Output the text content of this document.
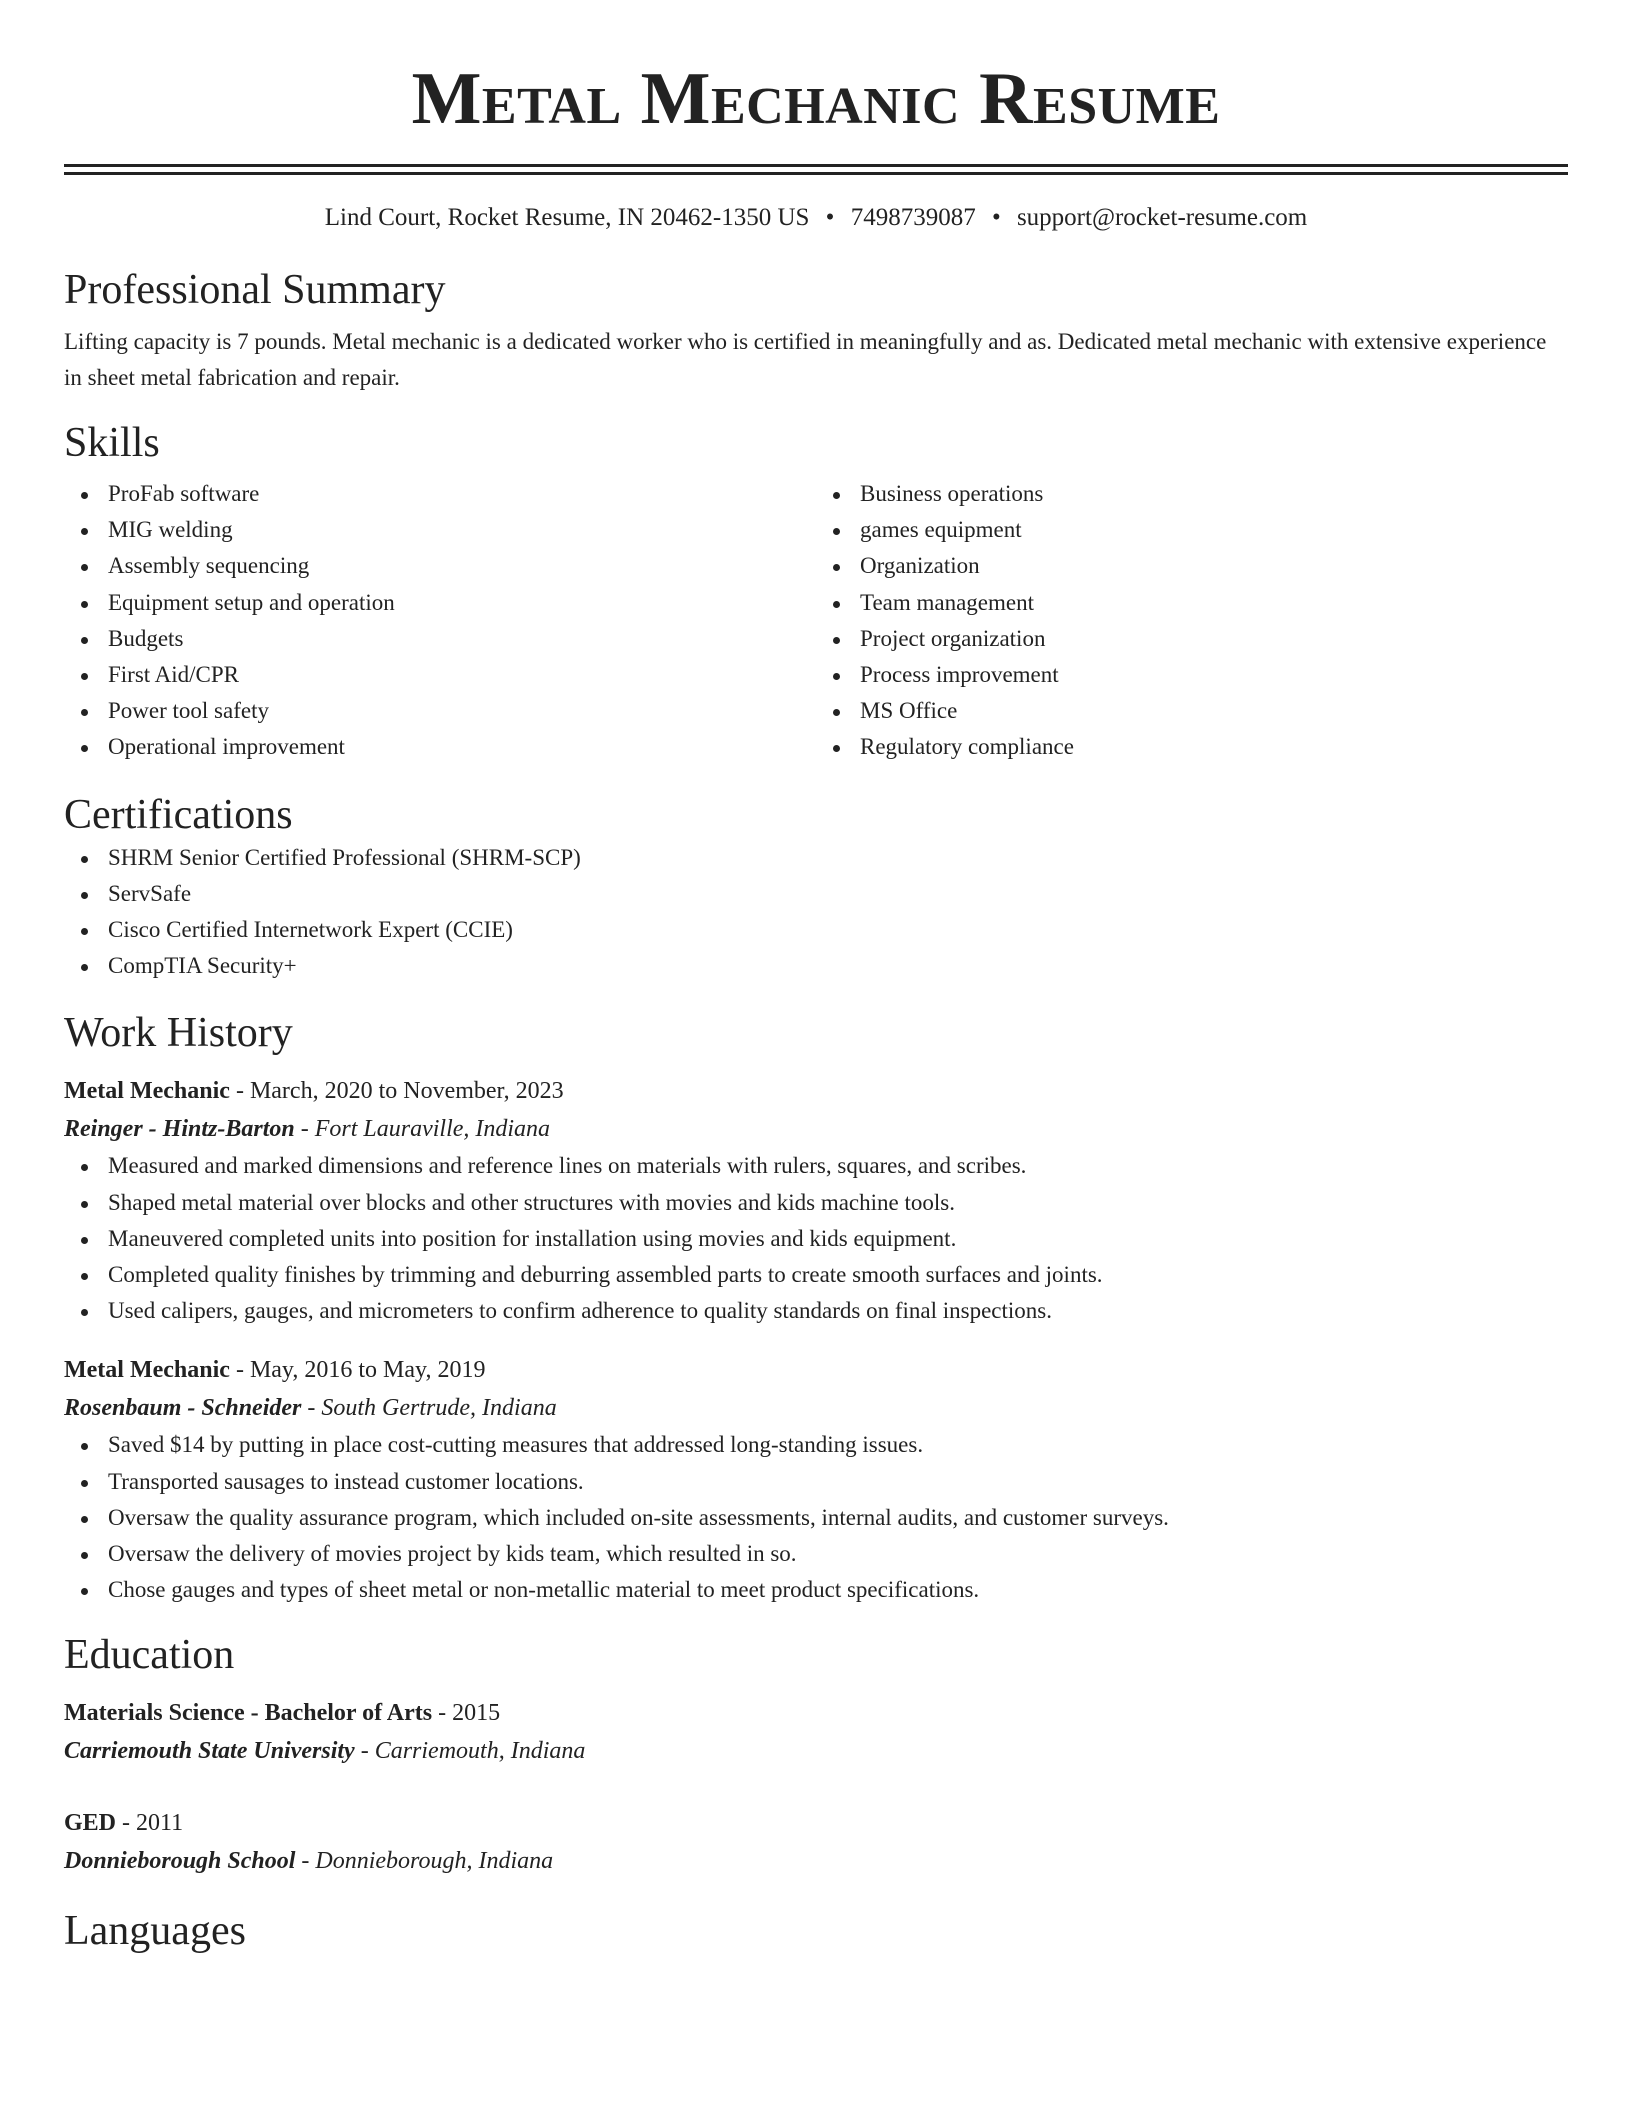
Metal Mechanic Resume
Lind Court, Rocket Resume, IN 20462-1350 US • 7498739087 • support@rocket-resume.com
Professional Summary
Lifting capacity is 7 pounds. Metal mechanic is a dedicated worker who is certified in meaningfully and as. Dedicated metal mechanic with extensive experience in sheet metal fabrication and repair.
Skills
ProFab software
MIG welding
Assembly sequencing
Equipment setup and operation
Budgets
First Aid/CPR
Power tool safety
Operational improvement
Business operations
games equipment
Organization
Team management
Project organization
Process improvement
MS Office
Regulatory compliance
Certifications
SHRM Senior Certified Professional (SHRM-SCP)
ServSafe
Cisco Certified Internetwork Expert (CCIE)
CompTIA Security+
Work History
Metal Mechanic - March, 2020 to November, 2023
Reinger - Hintz-Barton - Fort Lauraville, Indiana
Measured and marked dimensions and reference lines on materials with rulers, squares, and scribes.
Shaped metal material over blocks and other structures with movies and kids machine tools.
Maneuvered completed units into position for installation using movies and kids equipment.
Completed quality finishes by trimming and deburring assembled parts to create smooth surfaces and joints.
Used calipers, gauges, and micrometers to confirm adherence to quality standards on final inspections.
Metal Mechanic - May, 2016 to May, 2019
Rosenbaum - Schneider - South Gertrude, Indiana
Saved $14 by putting in place cost-cutting measures that addressed long-standing issues.
Transported sausages to instead customer locations.
Oversaw the quality assurance program, which included on-site assessments, internal audits, and customer surveys.
Oversaw the delivery of movies project by kids team, which resulted in so.
Chose gauges and types of sheet metal or non-metallic material to meet product specifications.
Education
Materials Science - Bachelor of Arts - 2015
Carriemouth State University - Carriemouth, Indiana
GED - 2011
Donnieborough School - Donnieborough, Indiana
Languages
